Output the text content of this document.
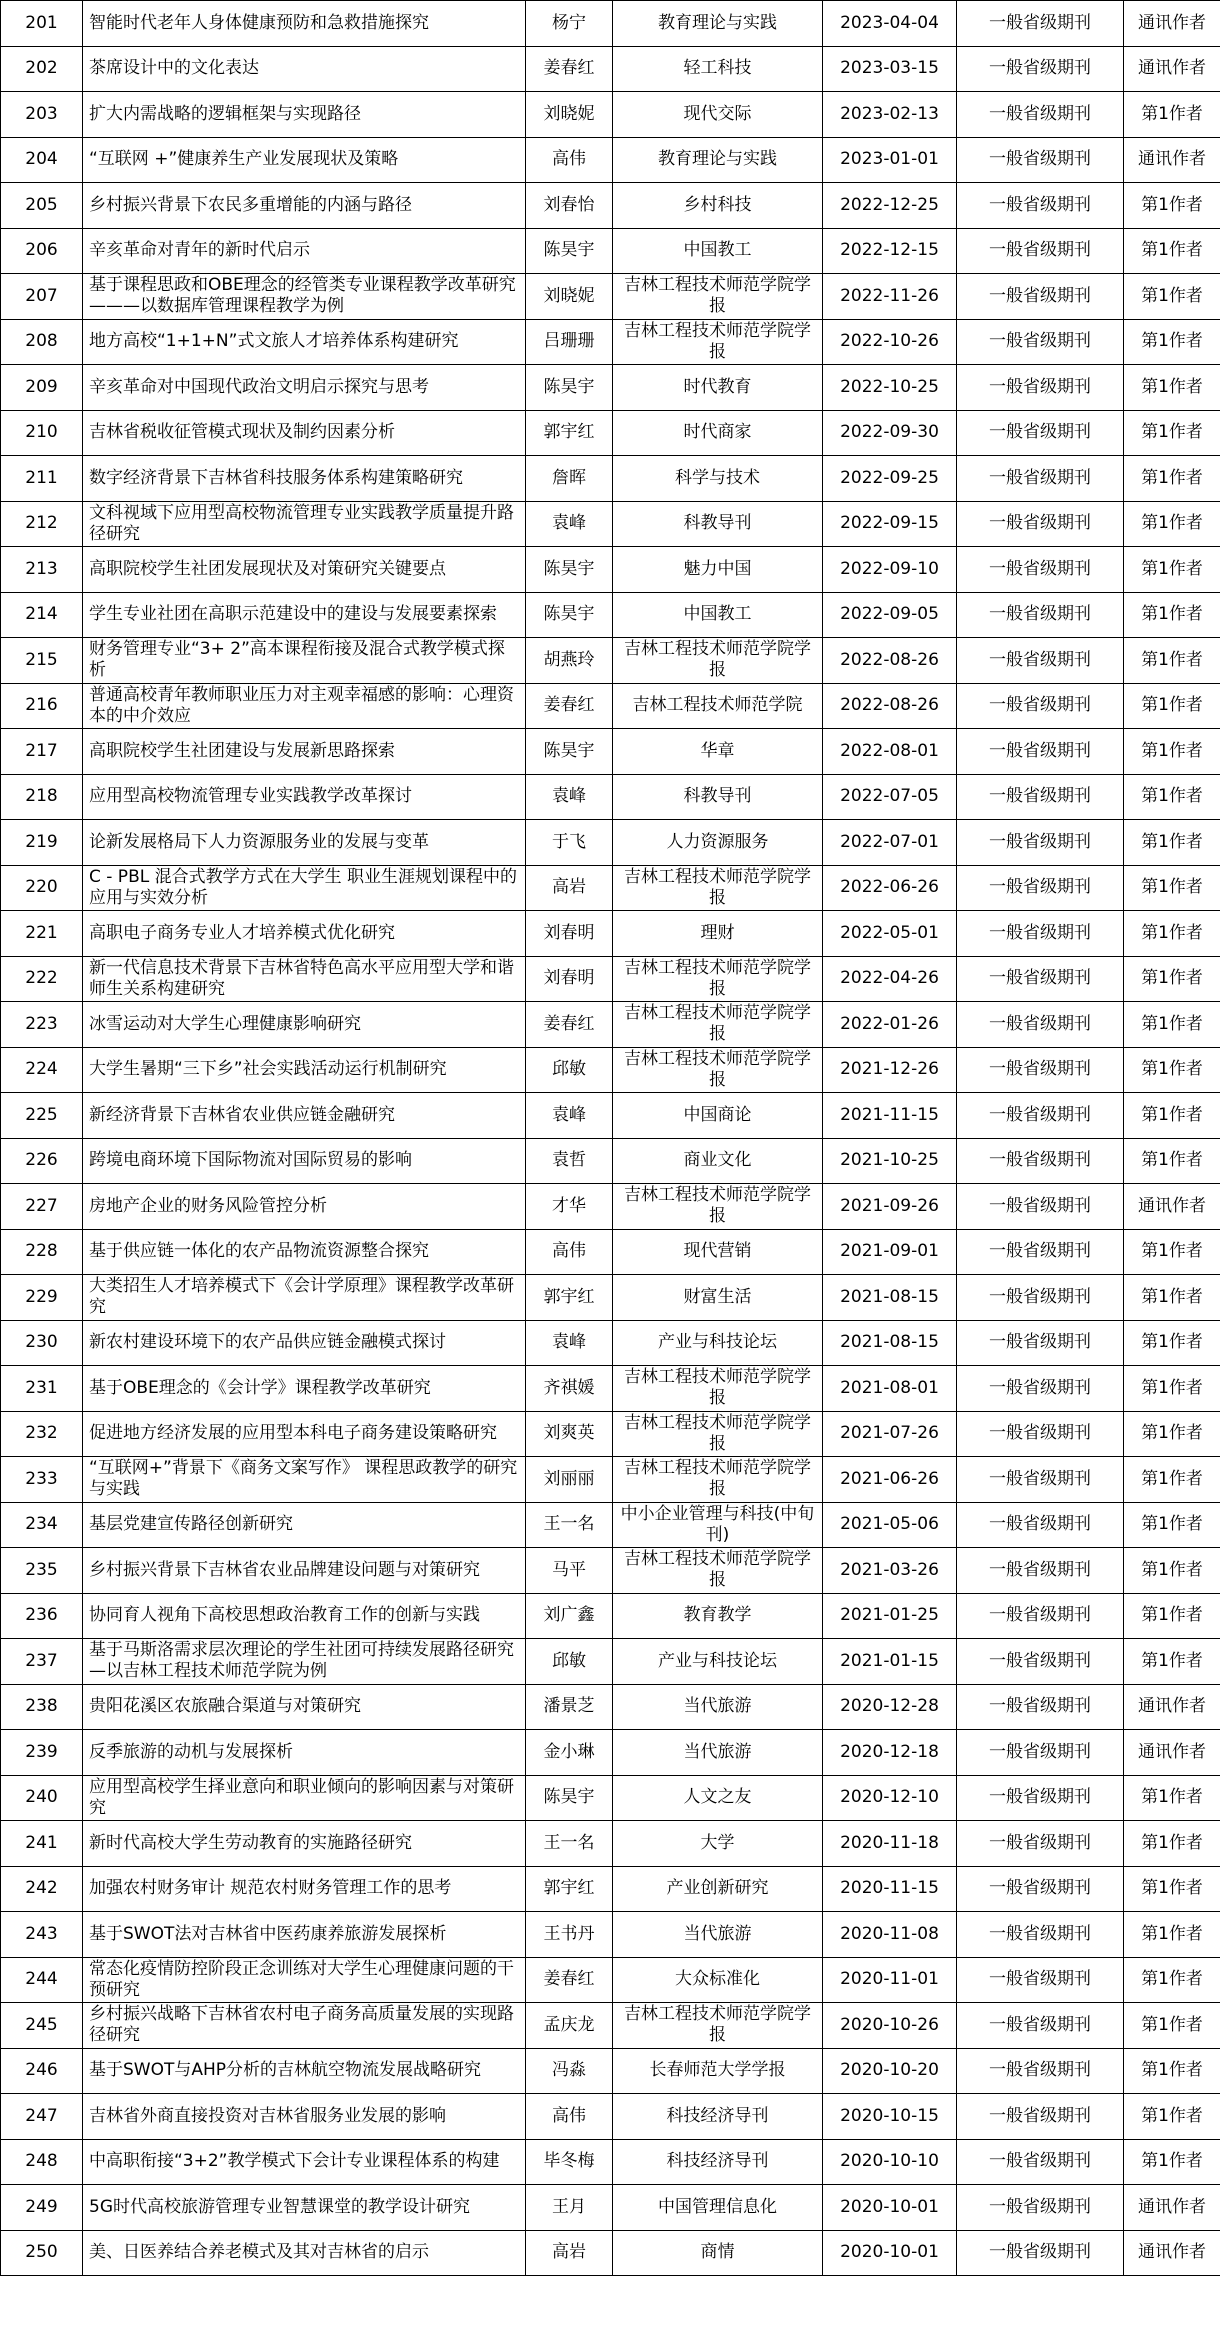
201	智能时代老年人身体健康预防和急救措施探究	杨宁	教育理论与实践	2023-04-04	一般省级期刊	通讯作者
202	茶席设计中的文化表达	姜春红	轻工科技	2023-03-15	一般省级期刊	通讯作者
203	扩大内需战略的逻辑框架与实现路径	刘晓妮	现代交际	2023-02-13	一般省级期刊	第1作者
204	“互联网 +”健康养生产业发展现状及策略	高伟	教育理论与实践	2023-01-01	一般省级期刊	通讯作者
205	乡村振兴背景下农民多重增能的内涵与路径	刘春怡	乡村科技	2022-12-25	一般省级期刊	第1作者
206	辛亥革命对青年的新时代启示	陈昊宇	中国教工	2022-12-15	一般省级期刊	第1作者
207	基于课程思政和OBE理念的经管类专业课程教学改革研究 ———以数据库管理课程教学为例	刘晓妮	吉林工程技术师范学院学报	2022-11-26	一般省级期刊	第1作者
208	地方高校“1+1+N”式文旅人才培养体系构建研究	吕珊珊	吉林工程技术师范学院学报	2022-10-26	一般省级期刊	第1作者
209	辛亥革命对中国现代政治文明启示探究与思考	陈昊宇	时代教育	2022-10-25	一般省级期刊	第1作者
210	吉林省税收征管模式现状及制约因素分析	郭宇红	时代商家	2022-09-30	一般省级期刊	第1作者
211	数字经济背景下吉林省科技服务体系构建策略研究	詹晖	科学与技术	2022-09-25	一般省级期刊	第1作者
212	文科视域下应用型高校物流管理专业实践教学质量提升路径研究	袁峰	科教导刊	2022-09-15	一般省级期刊	第1作者
213	高职院校学生社团发展现状及对策研究关键要点	陈昊宇	魅力中国	2022-09-10	一般省级期刊	第1作者
214	学生专业社团在高职示范建设中的建设与发展要素探索	陈昊宇	中国教工	2022-09-05	一般省级期刊	第1作者
215	财务管理专业“3+ 2”高本课程衔接及混合式教学模式探析	胡燕玲	吉林工程技术师范学院学报	2022-08-26	一般省级期刊	第1作者
216	普通高校青年教师职业压力对主观幸福感的影响：心理资本的中介效应	姜春红	吉林工程技术师范学院	2022-08-26	一般省级期刊	第1作者
217	高职院校学生社团建设与发展新思路探索	陈昊宇	华章	2022-08-01	一般省级期刊	第1作者
218	应用型高校物流管理专业实践教学改革探讨	袁峰	科教导刊	2022-07-05	一般省级期刊	第1作者
219	论新发展格局下人力资源服务业的发展与变革	于飞	人力资源服务	2022-07-01	一般省级期刊	第1作者
220	C - PBL 混合式教学方式在大学生 职业生涯规划课程中的应用与实效分析	高岩	吉林工程技术师范学院学报	2022-06-26	一般省级期刊	第1作者
221	高职电子商务专业人才培养模式优化研究	刘春明	理财	2022-05-01	一般省级期刊	第1作者
222	新一代信息技术背景下吉林省特色高水平应用型大学和谐师生关系构建研究	刘春明	吉林工程技术师范学院学报	2022-04-26	一般省级期刊	第1作者
223	冰雪运动对大学生心理健康影响研究	姜春红	吉林工程技术师范学院学报	2022-01-26	一般省级期刊	第1作者
224	大学生暑期“三下乡”社会实践活动运行机制研究	邱敏	吉林工程技术师范学院学报	2021-12-26	一般省级期刊	第1作者
225	新经济背景下吉林省农业供应链金融研究	袁峰	中国商论	2021-11-15	一般省级期刊	第1作者
226	跨境电商环境下国际物流对国际贸易的影响	袁哲	商业文化	2021-10-25	一般省级期刊	第1作者
227	房地产企业的财务风险管控分析	才华	吉林工程技术师范学院学报	2021-09-26	一般省级期刊	通讯作者
228	基于供应链一体化的农产品物流资源整合探究	高伟	现代营销	2021-09-01	一般省级期刊	第1作者
229	大类招生人才培养模式下《会计学原理》课程教学改革研究	郭宇红	财富生活	2021-08-15	一般省级期刊	第1作者
230	新农村建设环境下的农产品供应链金融模式探讨	袁峰	产业与科技论坛	2021-08-15	一般省级期刊	第1作者
231	基于OBE理念的《会计学》课程教学改革研究	齐祺媛	吉林工程技术师范学院学报	2021-08-01	一般省级期刊	第1作者
232	促进地方经济发展的应用型本科电子商务建设策略研究	刘爽英	吉林工程技术师范学院学报	2021-07-26	一般省级期刊	第1作者
233	“互联网+”背景下《商务文案写作》 课程思政教学的研究与实践	刘丽丽	吉林工程技术师范学院学报	2021-06-26	一般省级期刊	第1作者
234	基层党建宣传路径创新研究	王一名	中小企业管理与科技(中旬刊)	2021-05-06	一般省级期刊	第1作者
235	乡村振兴背景下吉林省农业品牌建设问题与对策研究	马平	吉林工程技术师范学院学报	2021-03-26	一般省级期刊	第1作者
236	协同育人视角下高校思想政治教育工作的创新与实践	刘广鑫	教育教学	2021-01-25	一般省级期刊	第1作者
237	基于马斯洛需求层次理论的学生社团可持续发展路径研究—以吉林工程技术师范学院为例	邱敏	产业与科技论坛	2021-01-15	一般省级期刊	第1作者
238	贵阳花溪区农旅融合渠道与对策研究	潘景芝	当代旅游	2020-12-28	一般省级期刊	通讯作者
239	反季旅游的动机与发展探析	金小琳	当代旅游	2020-12-18	一般省级期刊	通讯作者
240	应用型高校学生择业意向和职业倾向的影响因素与对策研究	陈昊宇	人文之友	2020-12-10	一般省级期刊	第1作者
241	新时代高校大学生劳动教育的实施路径研究	王一名	大学	2020-11-18	一般省级期刊	第1作者
242	加强农村财务审计 规范农村财务管理工作的思考	郭宇红	产业创新研究	2020-11-15	一般省级期刊	第1作者
243	基于SWOT法对吉林省中医药康养旅游发展探析	王书丹	当代旅游	2020-11-08	一般省级期刊	第1作者
244	常态化疫情防控阶段正念训练对大学生心理健康问题的干预研究	姜春红	大众标准化	2020-11-01	一般省级期刊	第1作者
245	乡村振兴战略下吉林省农村电子商务高质量发展的实现路径研究	孟庆龙	吉林工程技术师范学院学报	2020-10-26	一般省级期刊	第1作者
246	基于SWOT与AHP分析的吉林航空物流发展战略研究	冯淼	长春师范大学学报	2020-10-20	一般省级期刊	第1作者
247	吉林省外商直接投资对吉林省服务业发展的影响	高伟	科技经济导刊	2020-10-15	一般省级期刊	第1作者
248	中高职衔接“3+2”教学模式下会计专业课程体系的构建	毕冬梅	科技经济导刊	2020-10-10	一般省级期刊	第1作者
249	5G时代高校旅游管理专业智慧课堂的教学设计研究	王月	中国管理信息化	2020-10-01	一般省级期刊	通讯作者
250	美、日医养结合养老模式及其对吉林省的启示	高岩	商情	2020-10-01	一般省级期刊	通讯作者
